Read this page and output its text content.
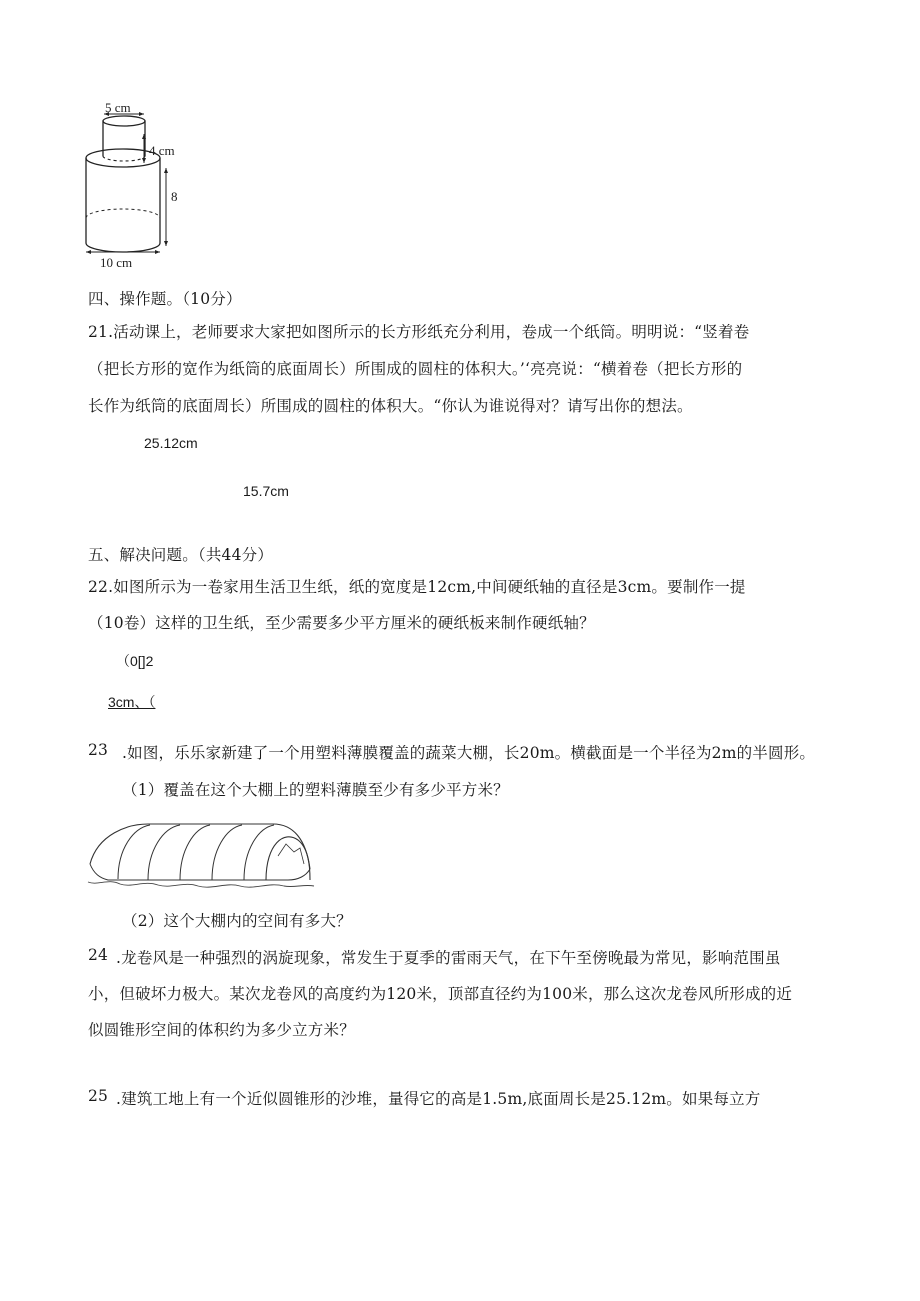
5 cm
4 cm
8
10 cm
四、操作题。（10分）
21.活动课上，老师要求大家把如图所示的长方形纸充分利用，卷成一个纸筒。明明说：“竖着卷
（把长方形的宽作为纸筒的底面周长）所围成的圆柱的体积大。’‘亮亮说：“横着卷（把长方形的
长作为纸筒的底面周长）所围成的圆柱的体积大。“你认为谁说得对？请写出你的想法。
25.12cm
15.7cm
五、解决问题。（共44分）
22.如图所示为一卷家用生活卫生纸，纸的宽度是12cm,中间硬纸轴的直径是3cm。要制作一提
（10卷）这样的卫生纸，至少需要多少平方厘米的硬纸板来制作硬纸轴？
（0[]2
3cm、（
23 .如图，乐乐家新建了一个用塑料薄膜覆盖的蔬菜大棚，长20m。横截面是一个半径为2m的半圆形。
（1）覆盖在这个大棚上的塑料薄膜至少有多少平方米？
（2）这个大棚内的空间有多大？
24 .龙卷风是一种强烈的涡旋现象，常发生于夏季的雷雨天气，在下午至傍晚最为常见，影响范围虽
小，但破坏力极大。某次龙卷风的高度约为120米，顶部直径约为100米，那么这次龙卷风所形成的近
似圆锥形空间的体积约为多少立方米？
25 .建筑工地上有一个近似圆锥形的沙堆，量得它的高是1.5m,底面周长是25.12m。如果每立方
